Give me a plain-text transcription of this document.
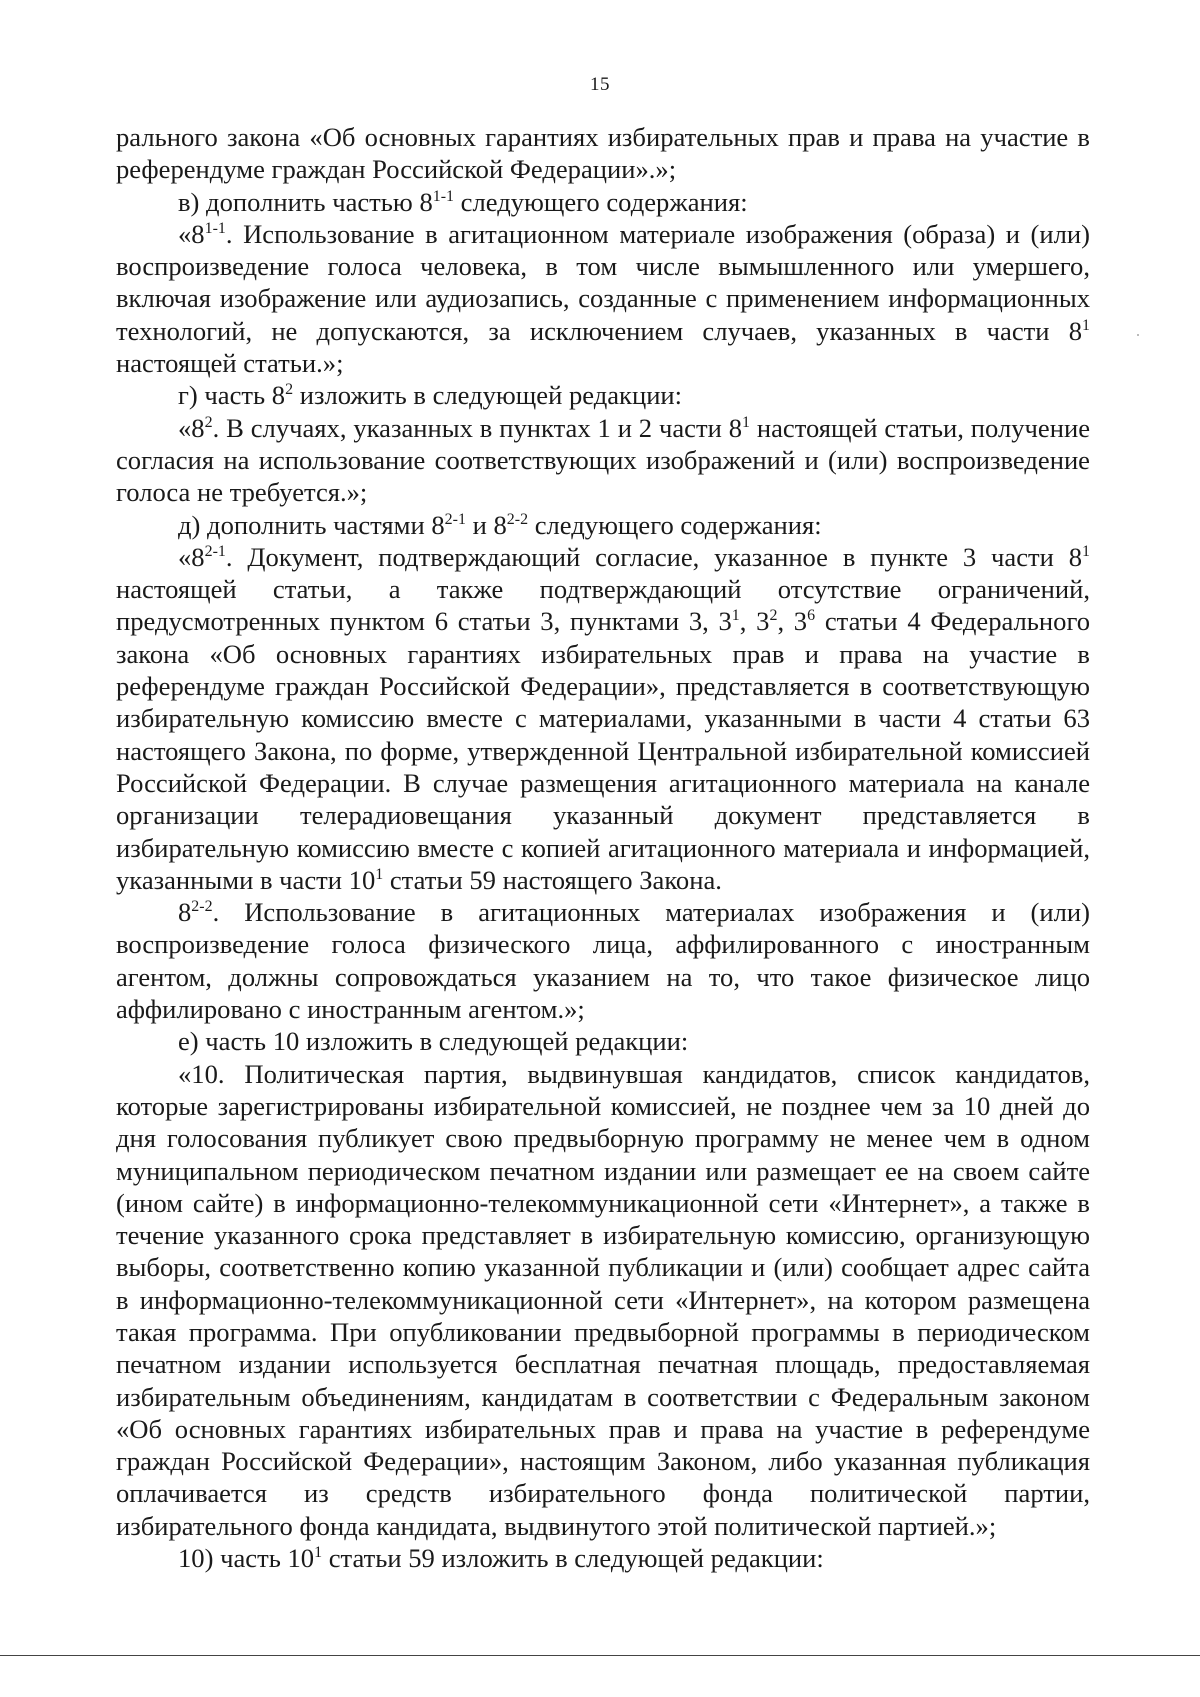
15

рального закона «Об основных гарантиях избирательных прав и права на участие в референдуме граждан Российской Федерации».»;

в) дополнить частью 8$^{1-1}$ следующего содержания:

«8$^{1-1}$. Использование в агитационном материале изображения (образа) и (или) воспроизведение голоса человека, в том числе вымышленного или умершего, включая изображение или аудиозапись, созданные с применением информационных технологий, не допускаются, за исключением случаев, указанных в части $8^1$ настоящей статьи.»;

г) часть $8^2$ изложить в следующей редакции:

«$8^2$. В случаях, указанных в пунктах 1 и 2 части $8^1$ настоящей статьи, получение согласия на использование соответствующих изображений и (или) воспроизведение голоса не требуется.»;

д) дополнить частями 8$^{2-1}$ и 8$^{2-2}$ следующего содержания:

«8$^{2-1}$. Документ, подтверждающий согласие, указанное в пункте 3 части $8^1$ настоящей статьи, а также подтверждающий отсутствие ограничений, предусмотренных пунктом 6 статьи 3, пунктами 3, $3^1$, $3^2$, $3^6$ статьи 4 Федерального закона «Об основных гарантиях избирательных прав и права на участие в референдуме граждан Российской Федерации», представляется в соответствующую избирательную комиссию вместе с материалами, указанными в части 4 статьи 63 настоящего Закона, по форме, утвержденной Центральной избирательной комиссией Российской Федерации. В случае размещения агитационного материала на канале организации телерадиовещания указанный документ представляется в избирательную комиссию вместе с копией агитационного материала и информацией, указанными в части $10^1$ статьи 59 настоящего Закона.

8$^{2-2}$. Использование в агитационных материалах изображения и (или) воспроизведение голоса физического лица, аффилированного с иностранным агентом, должны сопровождаться указанием на то, что такое физическое лицо аффилировано с иностранным агентом.»;

е) часть 10 изложить в следующей редакции:

«10. Политическая партия, выдвинувшая кандидатов, список кандидатов, которые зарегистрированы избирательной комиссией, не позднее чем за 10 дней до дня голосования публикует свою предвыборную программу не менее чем в одном муниципальном периодическом печатном издании или размещает ее на своем сайте (ином сайте) в информационно-телекоммуникационной сети «Интернет», а также в течение указанного срока представляет в избирательную комиссию, организующую выборы, соответственно копию указанной публикации и (или) сообщает адрес сайта в информационно-телекоммуникационной сети «Интернет», на котором размещена такая программа. При опубликовании предвыборной программы в периодическом печатном издании используется бесплатная печатная площадь, предоставляемая избирательным объединениям, кандидатам в соответствии с Федеральным законом «Об основных гарантиях избирательных прав и права на участие в референдуме граждан Российской Федерации», настоящим Законом, либо указанная публикация оплачивается из средств избирательного фонда политической партии, избирательного фонда кандидата, выдвинутого этой политической партией.»;

10) часть $10^1$ статьи 59 изложить в следующей редакции:
